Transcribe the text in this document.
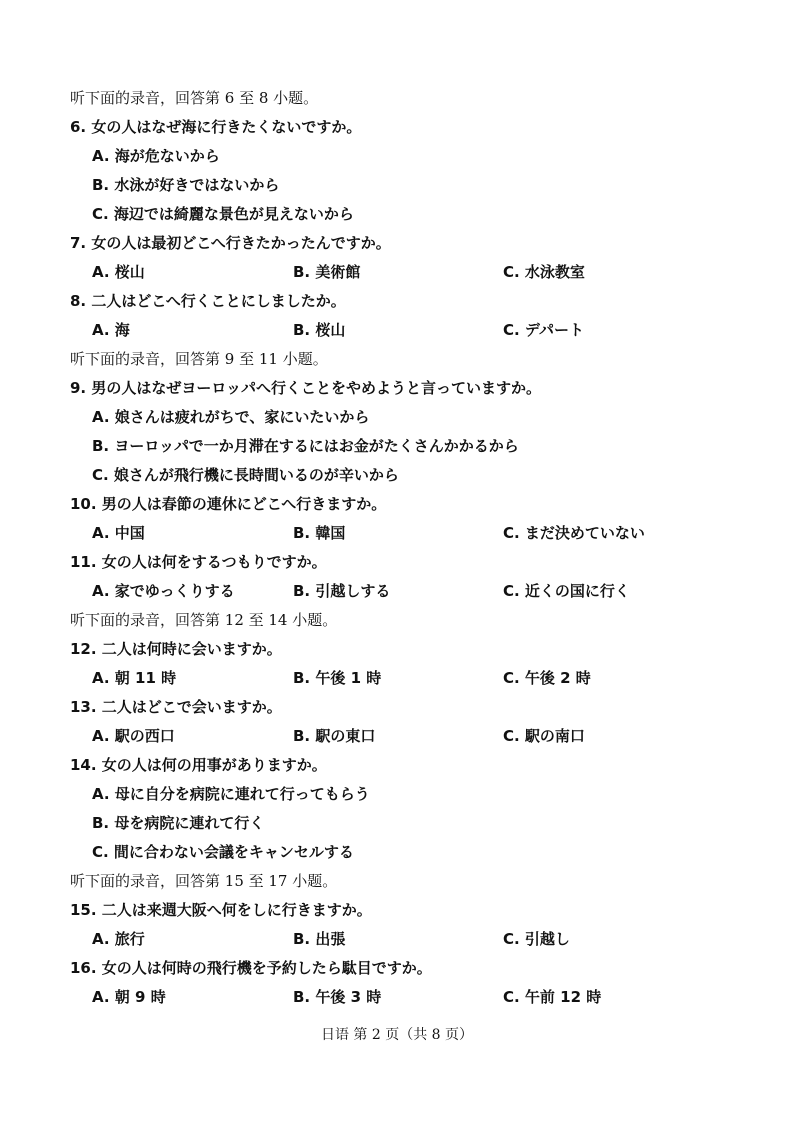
听下面的录音，回答第 6 至 8 小题。
6. 女の人はなぜ海に行きたくないですか。
A. 海が危ないから
B. 水泳が好きではないから
C. 海辺では綺麗な景色が見えないから
7. 女の人は最初どこへ行きたかったんですか。
A. 桜山	B. 美術館	C. 水泳教室
8. 二人はどこへ行くことにしましたか。
A. 海	B. 桜山	C. デパート
听下面的录音，回答第 9 至 11 小题。
9. 男の人はなぜヨーロッパへ行くことをやめようと言っていますか。
A. 娘さんは疲れがちで、家にいたいから
B. ヨーロッパで一か月滞在するにはお金がたくさんかかるから
C. 娘さんが飛行機に長時間いるのが辛いから
10. 男の人は春節の連休にどこへ行きますか。
A. 中国	B. 韓国	C. まだ決めていない
11. 女の人は何をするつもりですか。
A. 家でゆっくりする	B. 引越しする	C. 近くの国に行く
听下面的录音，回答第 12 至 14 小题。
12. 二人は何時に会いますか。
A. 朝 11 時	B. 午後 1 時	C. 午後 2 時
13. 二人はどこで会いますか。
A. 駅の西口	B. 駅の東口	C. 駅の南口
14. 女の人は何の用事がありますか。
A. 母に自分を病院に連れて行ってもらう
B. 母を病院に連れて行く
C. 間に合わない会議をキャンセルする
听下面的录音，回答第 15 至 17 小题。
15. 二人は来週大阪へ何をしに行きますか。
A. 旅行	B. 出張	C. 引越し
16. 女の人は何時の飛行機を予約したら駄目ですか。
A. 朝 9 時	B. 午後 3 時	C. 午前 12 時
日语 第 2 页（共 8 页）
